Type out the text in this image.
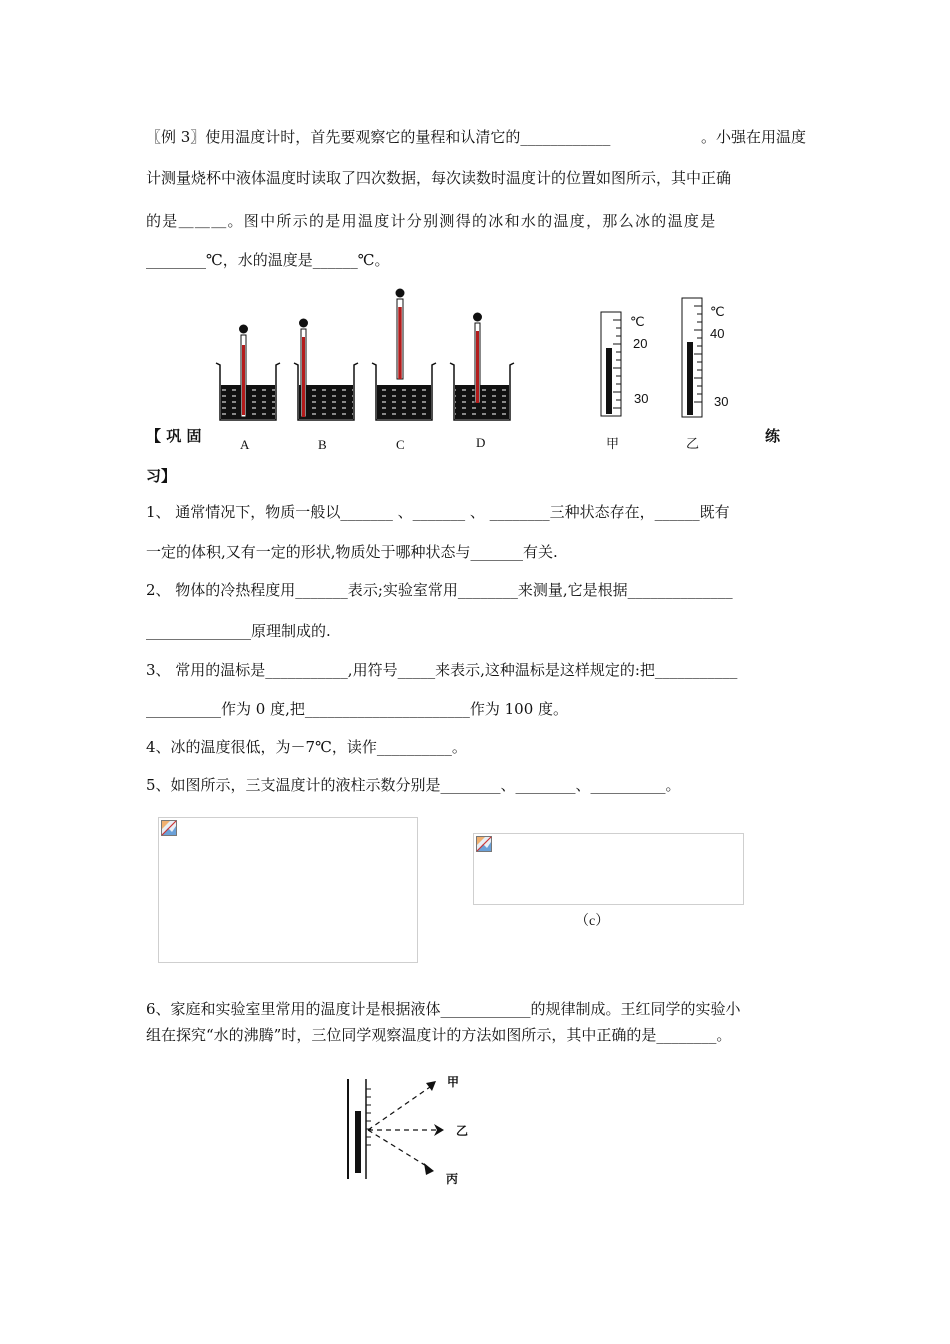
〖例 3〗使用温度计时，首先要观察它的量程和认清它的____________	。小强在用温度
计测量烧杯中液体温度时读取了四次数据，每次读数时温度计的位置如图所示，其中正确
的是＿＿＿。图中所示的是用温度计分别测得的冰和水的温度，那么冰的温度是
________℃，水的温度是______℃。
A	B	C	D
℃
20
30
甲
℃
40
30
乙
【 巩 固	练
习】
1、 通常情况下，物质一般以_______ 、_______ 、 ________三种状态存在，______既有
一定的体积,又有一定的形状,物质处于哪种状态与_______有关.
2、 物体的冷热程度用_______表示;实验室常用________来测量,它是根据______________
______________原理制成的.
3、 常用的温标是___________,用符号_____来表示,这种温标是这样规定的:把___________
__________作为 0 度,把______________________作为 100 度。
4、冰的温度很低，为－7℃，读作__________。
5、如图所示，三支温度计的液柱示数分别是________、________、__________。
（c）
6、家庭和实验室里常用的温度计是根据液体____________的规律制成。王红同学的实验小
组在探究“水的沸腾”时，三位同学观察温度计的方法如图所示，其中正确的是________。
甲
乙
丙
